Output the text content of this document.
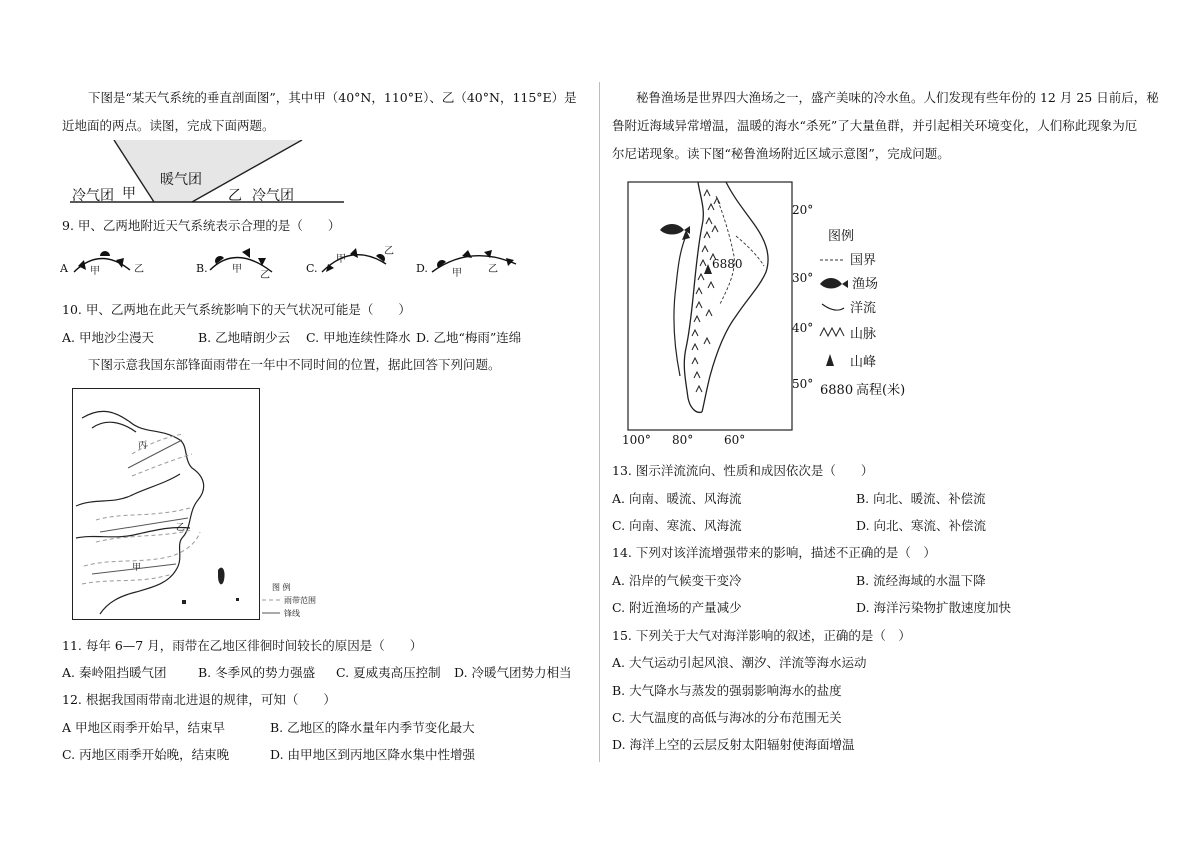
下图是“某天气系统的垂直剖面图”，其中甲（40°N，110°E）、乙（40°N，115°E）是
近地面的两点。读图，完成下面两题。
暖气团
冷气团 甲	乙 冷气团
9. 甲、乙两地附近天气系统表示合理的是（　　）
A 甲	乙	B. 甲
乙
C.
甲
乙
D. 甲	乙
10. 甲、乙两地在此天气系统影响下的天气状况可能是（　　）
A. 甲地沙尘漫天	B. 乙地晴朗少云 C. 甲地连续性降水 D. 乙地“梅雨”连绵
下图示意我国东部锋面雨带在一年中不同时间的位置，据此回答下列问题。
丙
乙
甲
图 例
雨带范围
锋线
11. 每年 6—7 月，雨带在乙地区徘徊时间较长的原因是（　　）
A. 秦岭阻挡暖气团	B. 冬季风的势力强盛 C. 夏威夷高压控制 D. 冷暖气团势力相当
12. 根据我国雨带南北进退的规律，可知（　　）
A 甲地区雨季开始早，结束早	B. 乙地区的降水量年内季节变化最大
C. 丙地区雨季开始晚，结束晚	D. 由甲地区到丙地区降水集中性增强
秘鲁渔场是世界四大渔场之一，盛产美味的冷水鱼。人们发现有些年份的 12 月 25 日前后，秘
鲁附近海域异常增温，温暖的海水“杀死”了大量鱼群，并引起相关环境变化，人们称此现象为厄
尔尼诺现象。读下图“秘鲁渔场附近区域示意图”，完成问题。
6880
20°
30°
40°
50°
100° 80°	60°
图例
国界
渔场
洋流
山脉
山峰
6880 高程(米)
13. 图示洋流流向、性质和成因依次是（　　）
A. 向南、暖流、风海流	B. 向北、暖流、补偿流
C. 向南、寒流、风海流	D. 向北、寒流、补偿流
14. 下列对该洋流增强带来的影响，描述不正确的是（　）
A. 沿岸的气候变干变冷	B. 流经海域的水温下降
C. 附近渔场的产量减少	D. 海洋污染物扩散速度加快
15. 下列关于大气对海洋影响的叙述，正确的是（　）
A. 大气运动引起风浪、潮汐、洋流等海水运动
B. 大气降水与蒸发的强弱影响海水的盐度
C. 大气温度的高低与海冰的分布范围无关
D. 海洋上空的云层反射太阳辐射使海面增温
